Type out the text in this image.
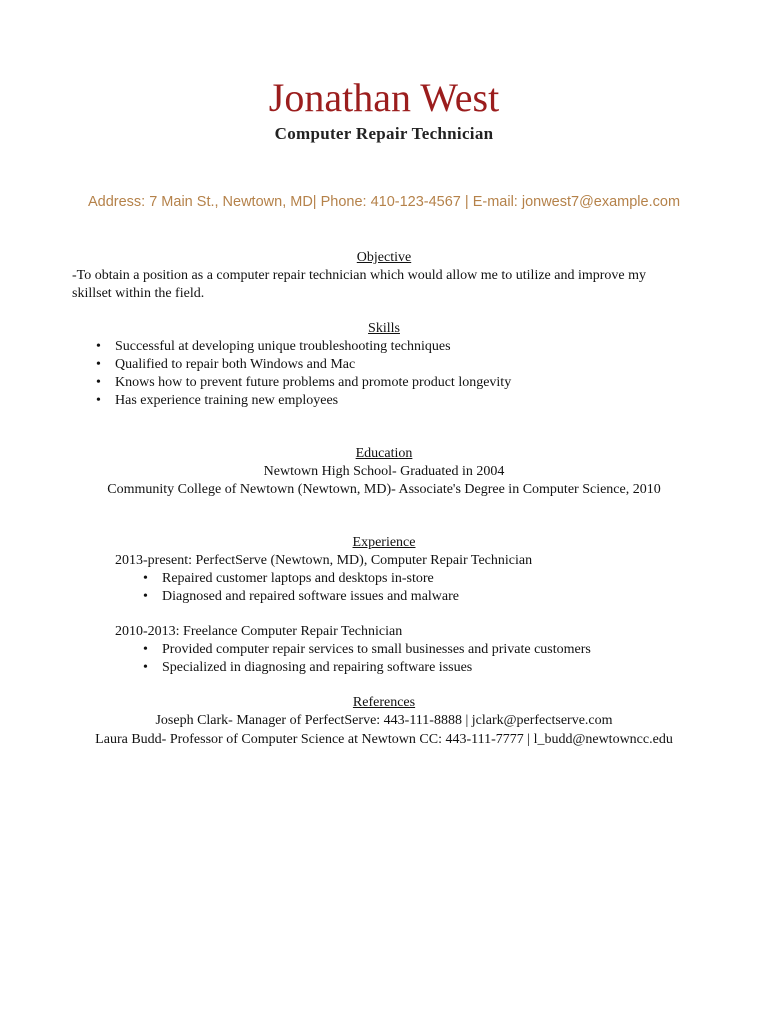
Jonathan West
Computer Repair Technician
Address: 7 Main St., Newtown, MD| Phone: 410-123-4567 | E-mail: jonwest7@example.com
Objective
-To obtain a position as a computer repair technician which would allow me to utilize and improve my
skillset within the field.
Skills
• Successful at developing unique troubleshooting techniques
• Qualified to repair both Windows and Mac
• Knows how to prevent future problems and promote product longevity
• Has experience training new employees
Education
Newtown High School- Graduated in 2004
Community College of Newtown (Newtown, MD)- Associate's Degree in Computer Science, 2010
Experience
2013-present: PerfectServe (Newtown, MD), Computer Repair Technician
• Repaired customer laptops and desktops in-store
• Diagnosed and repaired software issues and malware
2010-2013: Freelance Computer Repair Technician
• Provided computer repair services to small businesses and private customers
• Specialized in diagnosing and repairing software issues
References
Joseph Clark- Manager of PerfectServe: 443-111-8888 | jclark@perfectserve.com
Laura Budd- Professor of Computer Science at Newtown CC: 443-111-7777 | l_budd@newtowncc.edu
